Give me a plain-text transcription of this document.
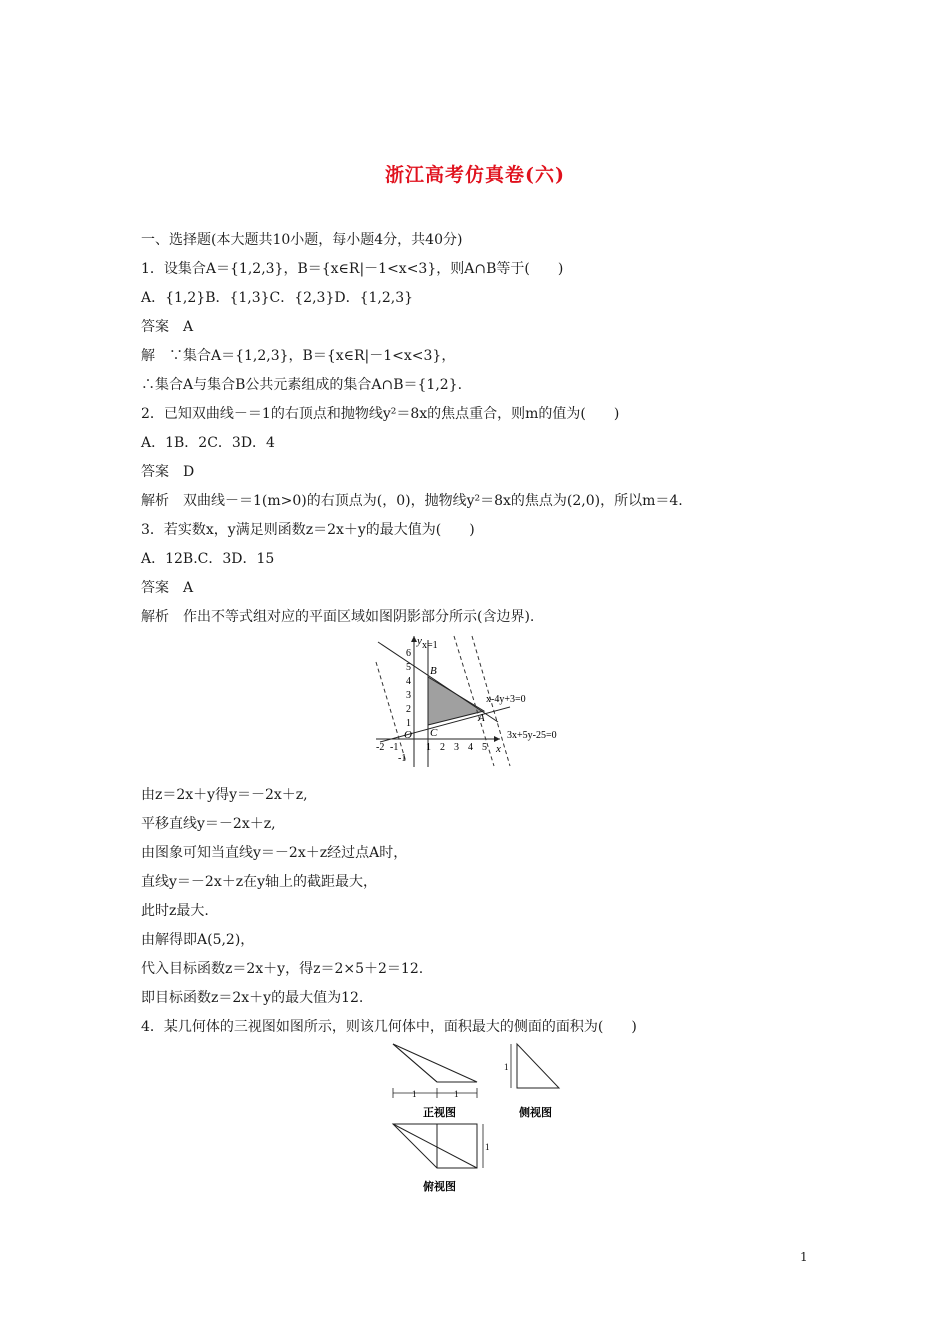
浙江高考仿真卷(六)
一、选择题(本大题共10小题，每小题4分，共40分)
1．设集合A＝{1,2,3}，B＝{x∈R|－1<x<3}，则A∩B等于(　　)
A．{1,2}B．{1,3}C．{2,3}D．{1,2,3}
答案　A
解　∵集合A＝{1,2,3}，B＝{x∈R|－1<x<3}，
∴集合A与集合B公共元素组成的集合A∩B＝{1,2}.
2．已知双曲线－＝1的右顶点和抛物线y²＝8x的焦点重合，则m的值为(　　)
A．1B．2C．3D．4
答案　D
解析　双曲线－＝1(m>0)的右顶点为(，0)，抛物线y²＝8x的焦点为(2,0)，所以m＝4.
3．若实数x，y满足则函数z＝2x＋y的最大值为(　　)
A．12B.C．3D．15
答案　A
解析　作出不等式组对应的平面区域如图阴影部分所示(含边界).
y
x
O
6
5
4
3
2
1
-1
-2 -1	1 2 3 4 5
x=1
x-4y+3=0
3x+5y-25=0
A
B
C
由z＝2x＋y得y＝－2x＋z,
平移直线y＝－2x＋z,
由图象可知当直线y＝－2x＋z经过点A时，
直线y＝－2x＋z在y轴上的截距最大，
此时z最大.
由解得即A(5,2)，
代入目标函数z＝2x＋y，得z＝2×5＋2＝12.
即目标函数z＝2x＋y的最大值为12.
4．某几何体的三视图如图所示，则该几何体中，面积最大的侧面的面积为(　　)
1	1
正视图
1
侧视图
1
俯视图
1
